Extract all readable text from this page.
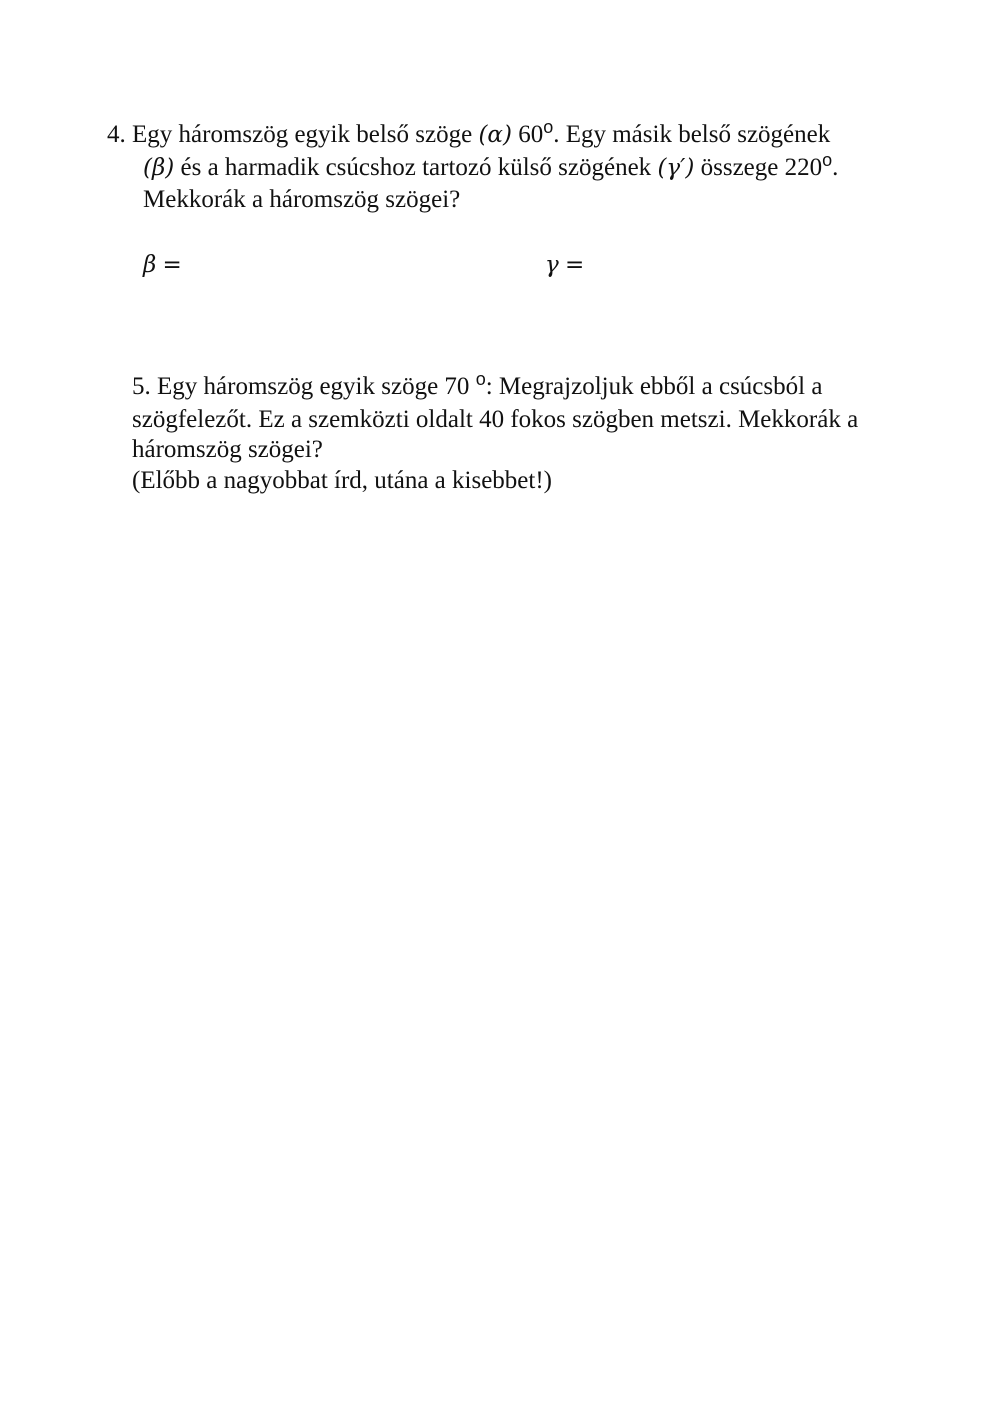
4. Egy háromszög egyik belső szöge (α) 60$^o$. Egy másik belső szögének
(β) és a harmadik csúcshoz tartozó külső szögének (γ′) összege 220$^o$.
Mekkorák a háromszög szögei?
β =	γ =
5. Egy háromszög egyik szöge 70 $^o$: Megrajzoljuk ebből a csúcsból a
szögfelezőt. Ez a szemközti oldalt 40 fokos szögben metszi. Mekkorák a
háromszög szögei?
(Előbb a nagyobbat írd, utána a kisebbet!)
